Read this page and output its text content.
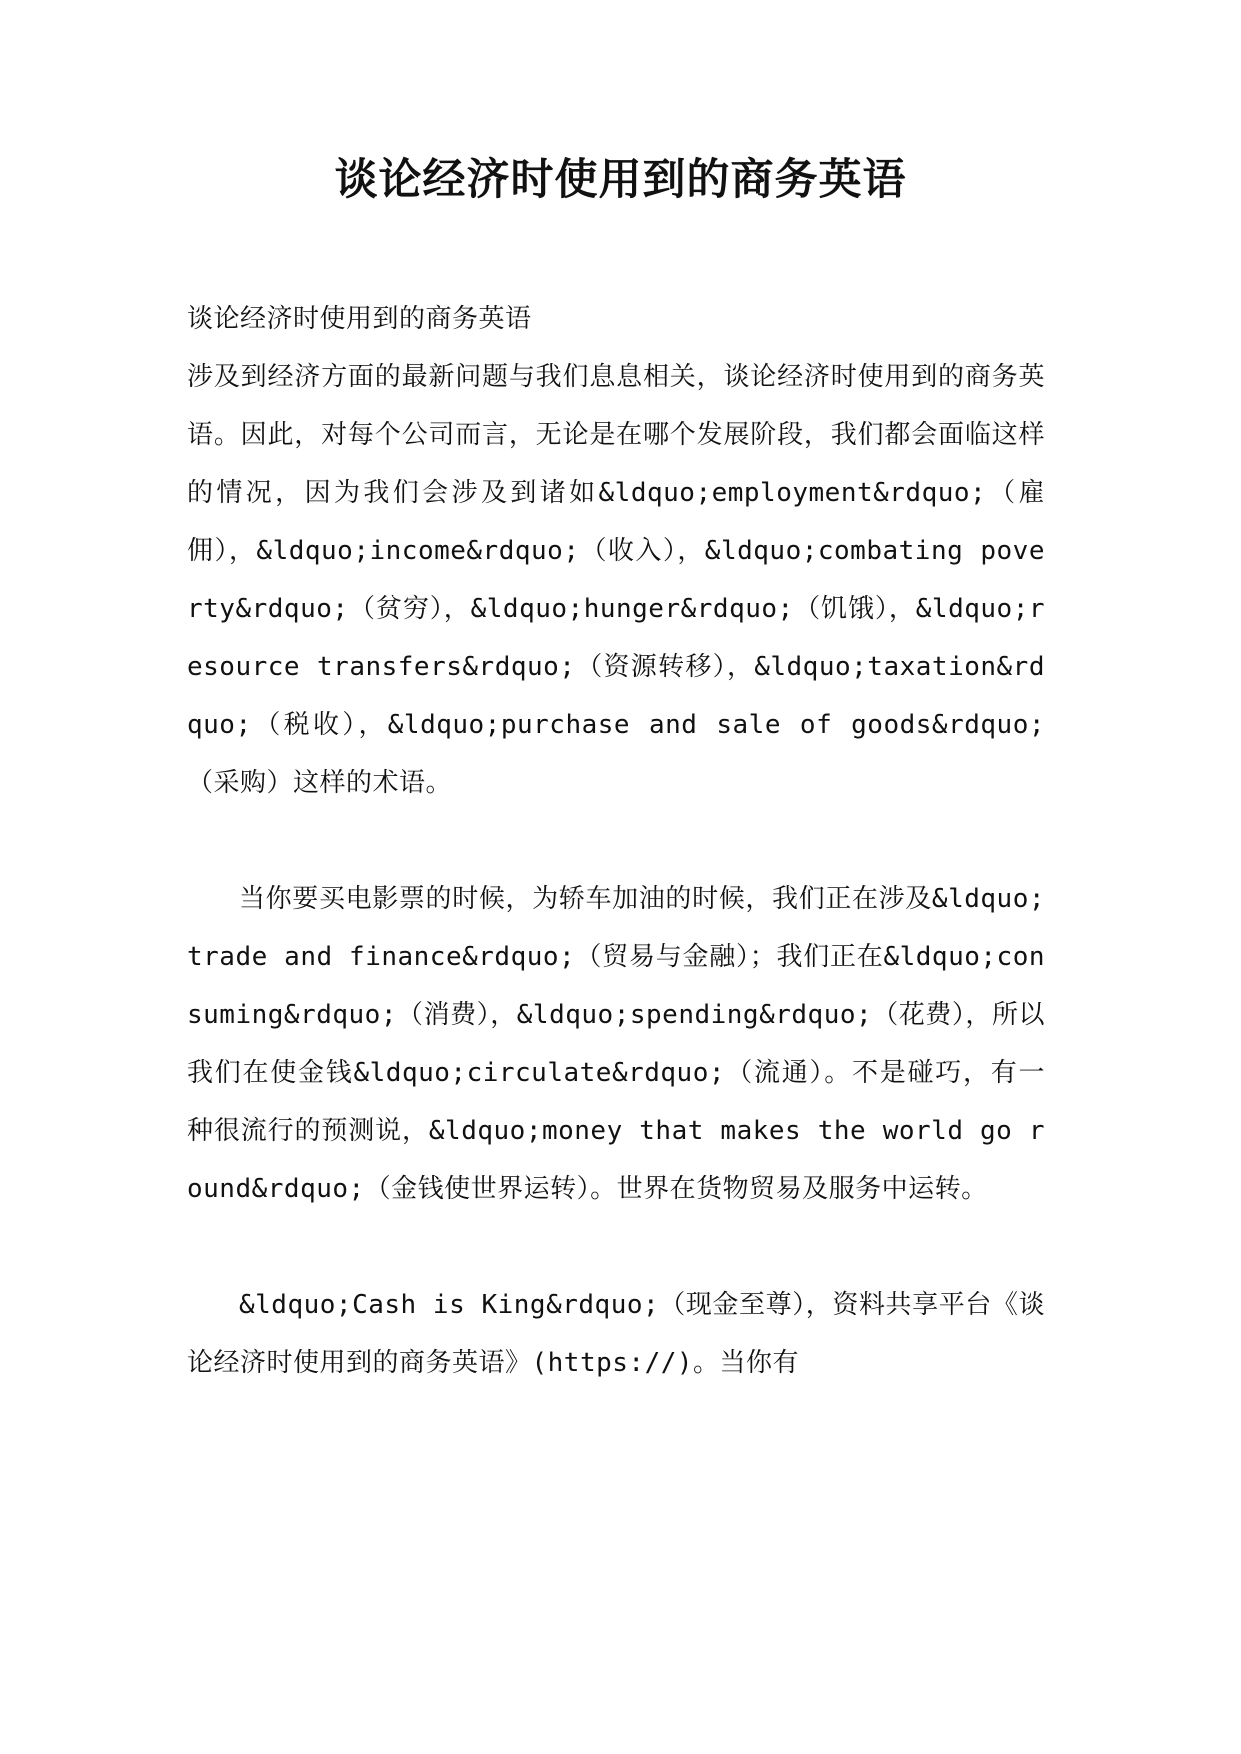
谈论经济时使用到的商务英语

谈论经济时使用到的商务英语

涉及到经济方面的最新问题与我们息息相关，谈论经济时使用到的商务英语。因此，对每个公司而言，无论是在哪个发展阶段，我们都会面临这样的情况，因为我们会涉及到诸如&ldquo;employment&rdquo;（雇佣），&ldquo;income&rdquo;（收入），&ldquo;combating poverty&rdquo;（贫穷），&ldquo;hunger&rdquo;（饥饿），&ldquo;resource transfers&rdquo;（资源转移），&ldquo;taxation&rdquo;（税收），&ldquo;purchase and sale of goods&rdquo;（采购）这样的术语。

当你要买电影票的时候，为轿车加油的时候，我们正在涉及&ldquo;trade and finance&rdquo;（贸易与金融）；我们正在&ldquo;consuming&rdquo;（消费），&ldquo;spending&rdquo;（花费），所以我们在使金钱&ldquo;circulate&rdquo;（流通）。不是碰巧，有一种很流行的预测说，&ldquo;money that makes the world go round&rdquo;（金钱使世界运转）。世界在货物贸易及服务中运转。

&ldquo;Cash is King&rdquo;（现金至尊），资料共享平台《谈论经济时使用到的商务英语》(https://)。当你有
